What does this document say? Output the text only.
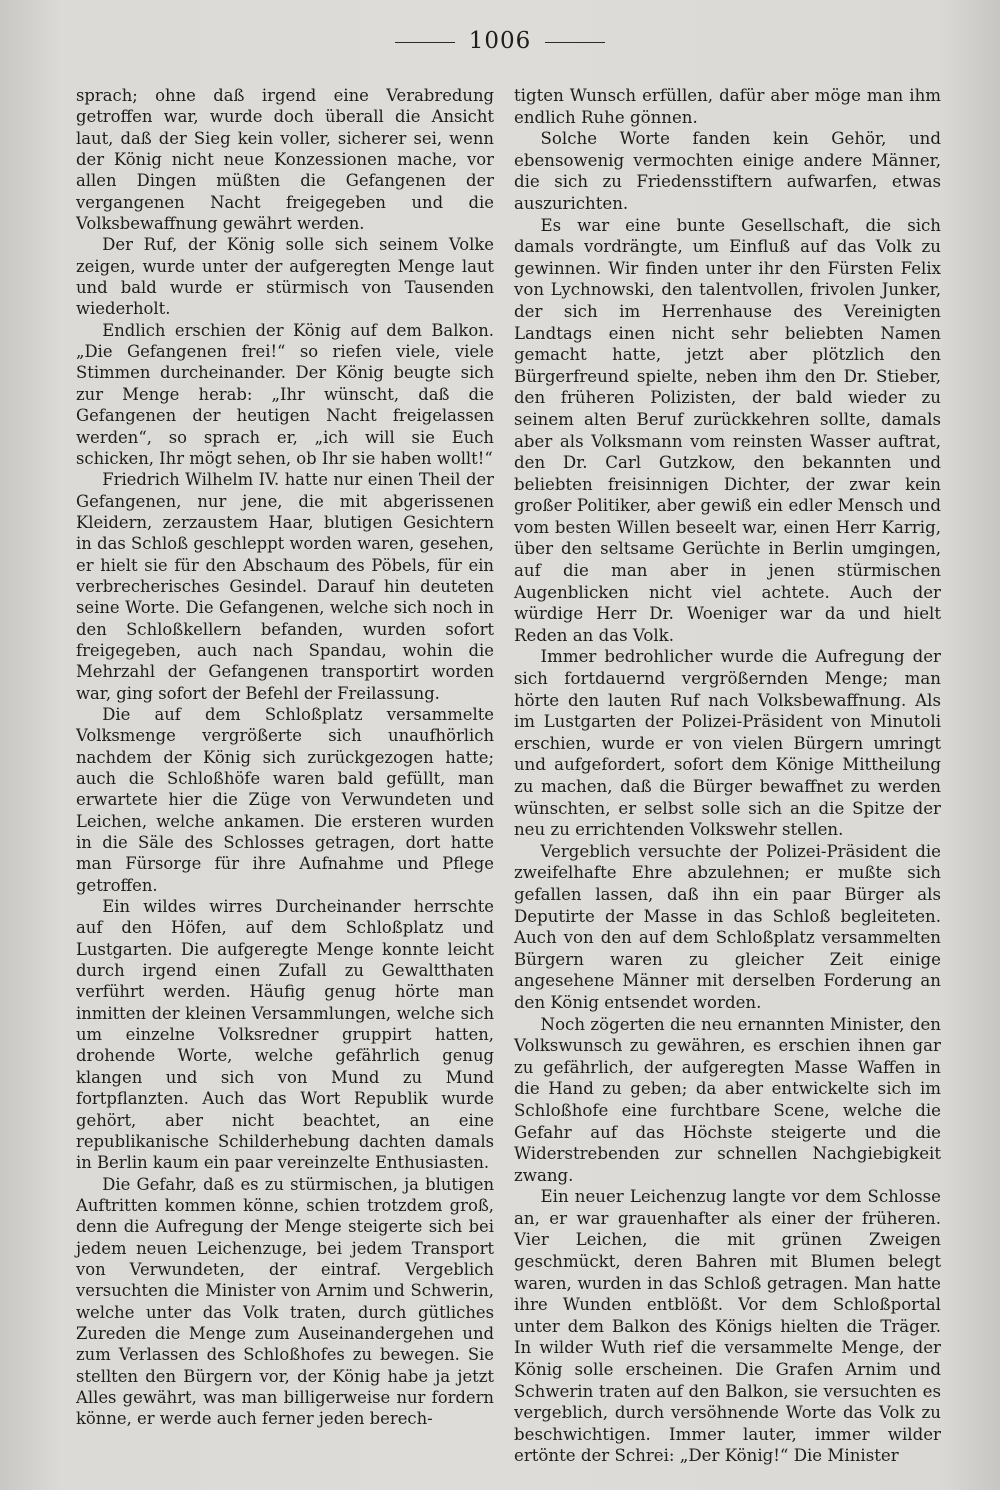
1006

sprach; ohne daß irgend eine Verabredung getroffen war, wurde doch überall die Ansicht laut, daß der Sieg kein voller, sicherer sei, wenn der König nicht neue Konzessionen mache, vor allen Dingen müßten die Gefangenen der vergangenen Nacht freigegeben und die Volksbewaffnung gewährt werden.

Der Ruf, der König solle sich seinem Volke zeigen, wurde unter der aufgeregten Menge laut und bald wurde er stürmisch von Tausenden wiederholt.

Endlich erschien der König auf dem Balkon. „Die Gefangenen frei!“ so riefen viele, viele Stimmen durcheinander. Der König beugte sich zur Menge herab: „Ihr wünscht, daß die Gefangenen der heutigen Nacht freigelassen werden“, so sprach er, „ich will sie Euch schicken, Ihr mögt sehen, ob Ihr sie haben wollt!“

Friedrich Wilhelm IV. hatte nur einen Theil der Gefangenen, nur jene, die mit abgerissenen Kleidern, zerzaustem Haar, blutigen Gesichtern in das Schloß geschleppt worden waren, gesehen, er hielt sie für den Abschaum des Pöbels, für ein verbrecherisches Gesindel. Darauf hin deuteten seine Worte. Die Gefangenen, welche sich noch in den Schloßkellern befanden, wurden sofort freigegeben, auch nach Spandau, wohin die Mehrzahl der Gefangenen transportirt worden war, ging sofort der Befehl der Freilassung.

Die auf dem Schloßplatz versammelte Volksmenge vergrößerte sich unaufhörlich nachdem der König sich zurückgezogen hatte; auch die Schloßhöfe waren bald gefüllt, man erwartete hier die Züge von Verwundeten und Leichen, welche ankamen. Die ersteren wurden in die Säle des Schlosses getragen, dort hatte man Fürsorge für ihre Aufnahme und Pflege getroffen.

Ein wildes wirres Durcheinander herrschte auf den Höfen, auf dem Schloßplatz und Lustgarten. Die aufgeregte Menge konnte leicht durch irgend einen Zufall zu Gewaltthaten verführt werden. Häufig genug hörte man inmitten der kleinen Versammlungen, welche sich um einzelne Volksredner gruppirt hatten, drohende Worte, welche gefährlich genug klangen und sich von Mund zu Mund fortpflanzten. Auch das Wort Republik wurde gehört, aber nicht beachtet, an eine republikanische Schilderhebung dachten damals in Berlin kaum ein paar vereinzelte Enthusiasten.

Die Gefahr, daß es zu stürmischen, ja blutigen Auftritten kommen könne, schien trotzdem groß, denn die Aufregung der Menge steigerte sich bei jedem neuen Leichenzuge, bei jedem Transport von Verwundeten, der eintraf. Vergeblich versuchten die Minister von Arnim und Schwerin, welche unter das Volk traten, durch gütliches Zureden die Menge zum Auseinandergehen und zum Verlassen des Schloßhofes zu bewegen. Sie stellten den Bürgern vor, der König habe ja jetzt Alles gewährt, was man billigerweise nur fordern könne, er werde auch ferner jeden berech-

tigten Wunsch erfüllen, dafür aber möge man ihm endlich Ruhe gönnen.

Solche Worte fanden kein Gehör, und ebensowenig vermochten einige andere Männer, die sich zu Friedensstiftern aufwarfen, etwas auszurichten.

Es war eine bunte Gesellschaft, die sich damals vordrängte, um Einfluß auf das Volk zu gewinnen. Wir finden unter ihr den Fürsten Felix von Lychnowski, den talentvollen, frivolen Junker, der sich im Herrenhause des Vereinigten Landtags einen nicht sehr beliebten Namen gemacht hatte, jetzt aber plötzlich den Bürgerfreund spielte, neben ihm den Dr. Stieber, den früheren Polizisten, der bald wieder zu seinem alten Beruf zurückkehren sollte, damals aber als Volksmann vom reinsten Wasser auftrat, den Dr. Carl Gutzkow, den bekannten und beliebten freisinnigen Dichter, der zwar kein großer Politiker, aber gewiß ein edler Mensch und vom besten Willen beseelt war, einen Herr Karrig, über den seltsame Gerüchte in Berlin umgingen, auf die man aber in jenen stürmischen Augenblicken nicht viel achtete. Auch der würdige Herr Dr. Woeniger war da und hielt Reden an das Volk.

Immer bedrohlicher wurde die Aufregung der sich fortdauernd vergrößernden Menge; man hörte den lauten Ruf nach Volksbewaffnung. Als im Lustgarten der Polizei-Präsident von Minutoli erschien, wurde er von vielen Bürgern umringt und aufgefordert, sofort dem Könige Mittheilung zu machen, daß die Bürger bewaffnet zu werden wünschten, er selbst solle sich an die Spitze der neu zu errichtenden Volkswehr stellen.

Vergeblich versuchte der Polizei-Präsident die zweifelhafte Ehre abzulehnen; er mußte sich gefallen lassen, daß ihn ein paar Bürger als Deputirte der Masse in das Schloß begleiteten. Auch von den auf dem Schloßplatz versammelten Bürgern waren zu gleicher Zeit einige angesehene Männer mit derselben Forderung an den König entsendet worden.

Noch zögerten die neu ernannten Minister, den Volkswunsch zu gewähren, es erschien ihnen gar zu gefährlich, der aufgeregten Masse Waffen in die Hand zu geben; da aber entwickelte sich im Schloßhofe eine furchtbare Scene, welche die Gefahr auf das Höchste steigerte und die Widerstrebenden zur schnellen Nachgiebigkeit zwang.

Ein neuer Leichenzug langte vor dem Schlosse an, er war grauenhafter als einer der früheren. Vier Leichen, die mit grünen Zweigen geschmückt, deren Bahren mit Blumen belegt waren, wurden in das Schloß getragen. Man hatte ihre Wunden entblößt. Vor dem Schloßportal unter dem Balkon des Königs hielten die Träger. In wilder Wuth rief die versammelte Menge, der König solle erscheinen. Die Grafen Arnim und Schwerin traten auf den Balkon, sie versuchten es vergeblich, durch versöhnende Worte das Volk zu beschwichtigen. Immer lauter, immer wilder ertönte der Schrei: „Der König!“ Die Minister
